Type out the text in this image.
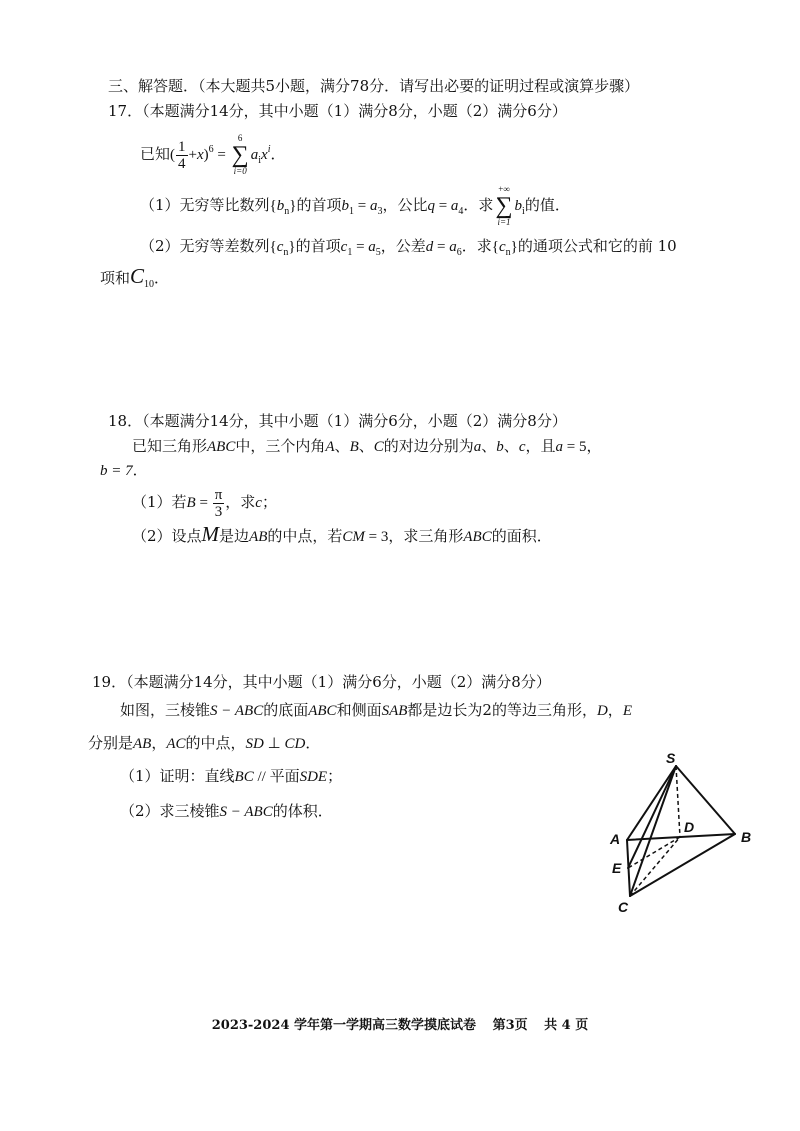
三、解答题．（本大题共5小题，满分78分．请写出必要的证明过程或演算步骤）
17．（本题满分14分，其中小题（1）满分8分，小题（2）满分6分）
已知( $\frac{1}{4} +x)^6$ =
6
∑
i=0
$a_ix^i$．
（1）无穷等比数列$\{b_n\}$的首项$b_1 = a_3$，公比$q = a_4$．求
+∞
∑
i=1
$b_i$的值．
（2）无穷等差数列$\{c_n\}$的首项$c_1 = a_5$，公差$d = a_6$．求$\{c_n\}$的通项公式和它的前 10
项和$C_{10}$．
18．（本题满分14分，其中小题（1）满分6分，小题（2）满分8分）
已知三角形ABC中，三个内角A、B、C的对边分别为a、b、c，且a = 5，
b = 7．
（1）若$B = \frac{\pi}{3}$ ，求c；
（2）设点M是边AB的中点，若CM = 3，求三角形ABC的面积．
19．（本题满分14分，其中小题（1）满分6分，小题（2）满分8分）
如图，三棱锥S − ABC的底面ABC和侧面SAB都是边长为2的等边三角形，D，E
分别是AB，AC的中点，SD ⊥ CD．
（1）证明：直线BC // 平面SDE；
（2）求三棱锥S − ABC的体积．
S
A	B
C
D
E
2023-2024 学年第一学期高三数学摸底试卷 第3页 共 4 页
